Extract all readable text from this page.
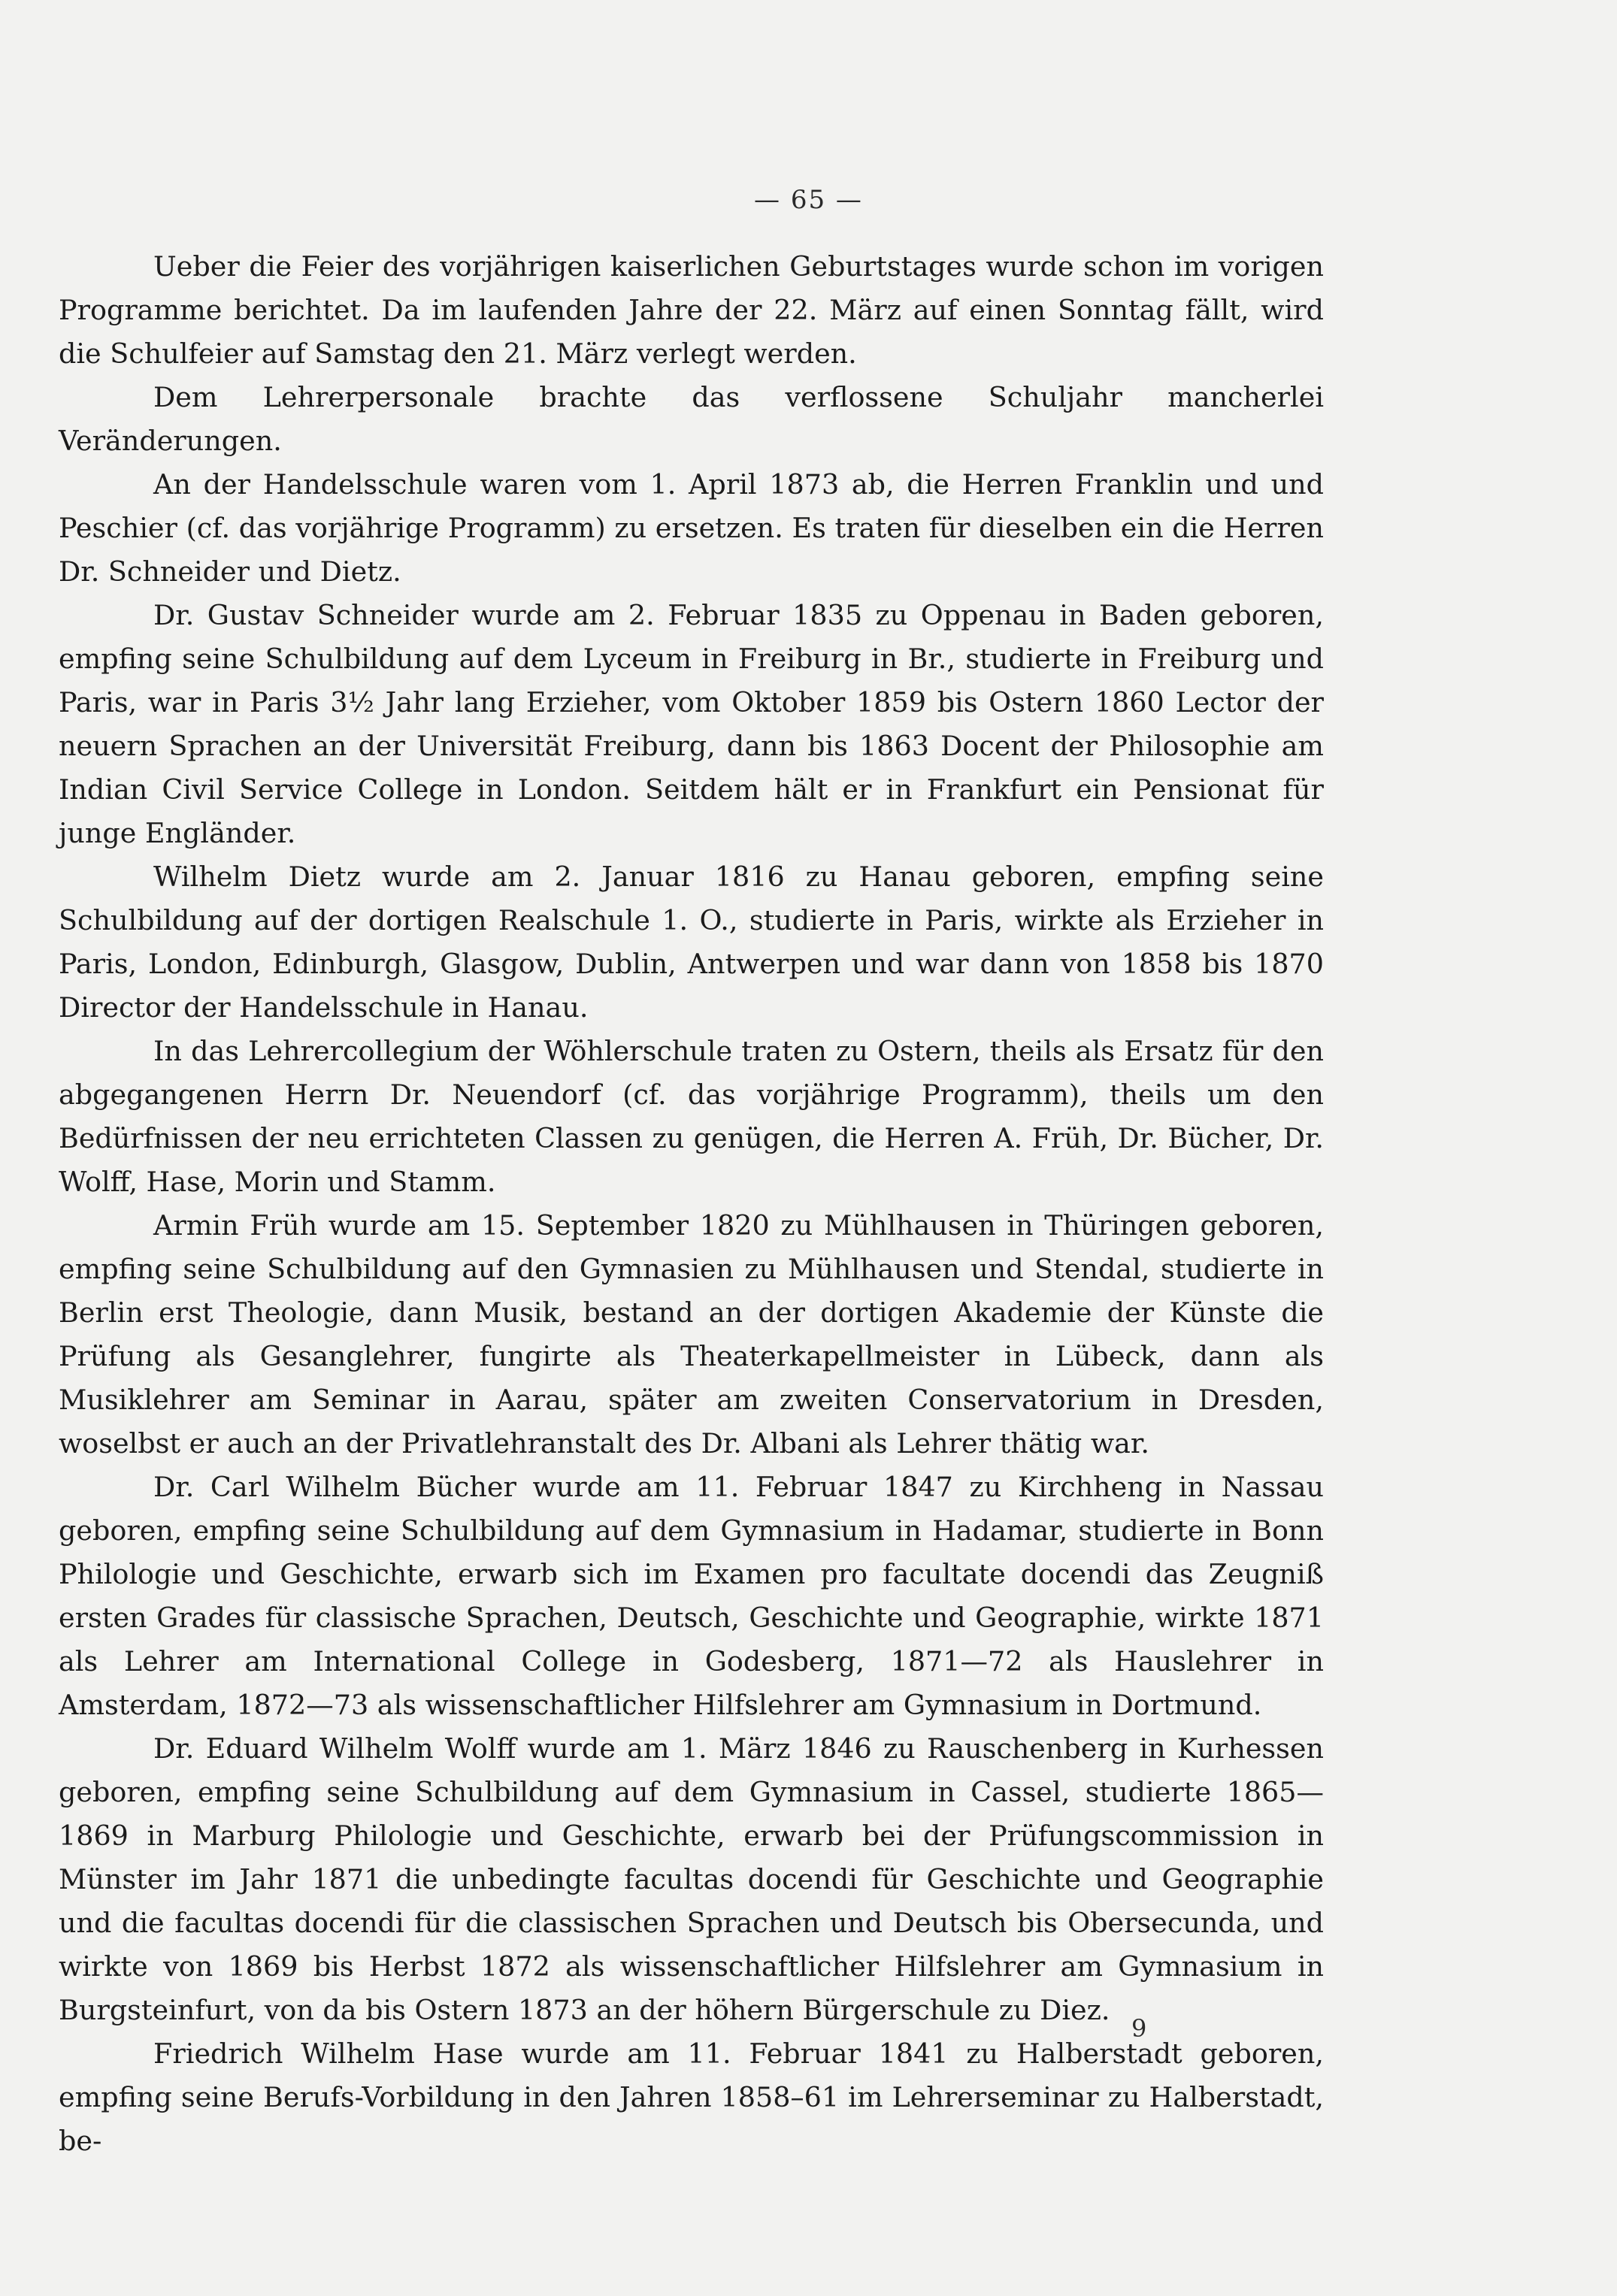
— 65 —

Ueber die Feier des vorjährigen kaiserlichen Geburtstages wurde schon im vorigen Programme berichtet. Da im laufenden Jahre der 22. März auf einen Sonntag fällt, wird die Schulfeier auf Samstag den 21. März verlegt werden.

Dem Lehrerpersonale brachte das verflossene Schuljahr mancherlei Veränderungen.

An der Handelsschule waren vom 1. April 1873 ab, die Herren Franklin und und Peschier (cf. das vorjährige Programm) zu ersetzen. Es traten für dieselben ein die Herren Dr. Schneider und Dietz.

Dr. Gustav Schneider wurde am 2. Februar 1835 zu Oppenau in Baden geboren, empfing seine Schulbildung auf dem Lyceum in Freiburg in Br., studierte in Freiburg und Paris, war in Paris 3½ Jahr lang Erzieher, vom Oktober 1859 bis Ostern 1860 Lector der neuern Sprachen an der Universität Freiburg, dann bis 1863 Docent der Philosophie am Indian Civil Service College in London. Seitdem hält er in Frankfurt ein Pensionat für junge Engländer.

Wilhelm Dietz wurde am 2. Januar 1816 zu Hanau geboren, empfing seine Schulbildung auf der dortigen Realschule 1. O., studierte in Paris, wirkte als Erzieher in Paris, London, Edinburgh, Glasgow, Dublin, Antwerpen und war dann von 1858 bis 1870 Director der Handelsschule in Hanau.

In das Lehrercollegium der Wöhlerschule traten zu Ostern, theils als Ersatz für den abgegangenen Herrn Dr. Neuendorf (cf. das vorjährige Programm), theils um den Bedürfnissen der neu errichteten Classen zu genügen, die Herren A. Früh, Dr. Bücher, Dr. Wolff, Hase, Morin und Stamm.

Armin Früh wurde am 15. September 1820 zu Mühlhausen in Thüringen geboren, empfing seine Schulbildung auf den Gymnasien zu Mühlhausen und Stendal, studierte in Berlin erst Theologie, dann Musik, bestand an der dortigen Akademie der Künste die Prüfung als Gesanglehrer, fungirte als Theaterkapellmeister in Lübeck, dann als Musiklehrer am Seminar in Aarau, später am zweiten Conservatorium in Dresden, woselbst er auch an der Privatlehranstalt des Dr. Albani als Lehrer thätig war.

Dr. Carl Wilhelm Bücher wurde am 11. Februar 1847 zu Kirchheng in Nassau geboren, empfing seine Schulbildung auf dem Gymnasium in Hadamar, studierte in Bonn Philologie und Geschichte, erwarb sich im Examen pro facultate docendi das Zeugniß ersten Grades für classische Sprachen, Deutsch, Geschichte und Geographie, wirkte 1871 als Lehrer am International College in Godesberg, 1871—72 als Hauslehrer in Amsterdam, 1872—73 als wissenschaftlicher Hilfslehrer am Gymnasium in Dortmund.

Dr. Eduard Wilhelm Wolff wurde am 1. März 1846 zu Rauschenberg in Kurhessen geboren, empfing seine Schulbildung auf dem Gymnasium in Cassel, studierte 1865—1869 in Marburg Philologie und Geschichte, erwarb bei der Prüfungscommission in Münster im Jahr 1871 die unbedingte facultas docendi für Geschichte und Geographie und die facultas docendi für die classischen Sprachen und Deutsch bis Obersecunda, und wirkte von 1869 bis Herbst 1872 als wissenschaftlicher Hilfslehrer am Gymnasium in Burgsteinfurt, von da bis Ostern 1873 an der höhern Bürgerschule zu Diez.

Friedrich Wilhelm Hase wurde am 11. Februar 1841 zu Halberstadt geboren, empfing seine Berufs-Vorbildung in den Jahren 1858–61 im Lehrerseminar zu Halberstadt, be-

9
